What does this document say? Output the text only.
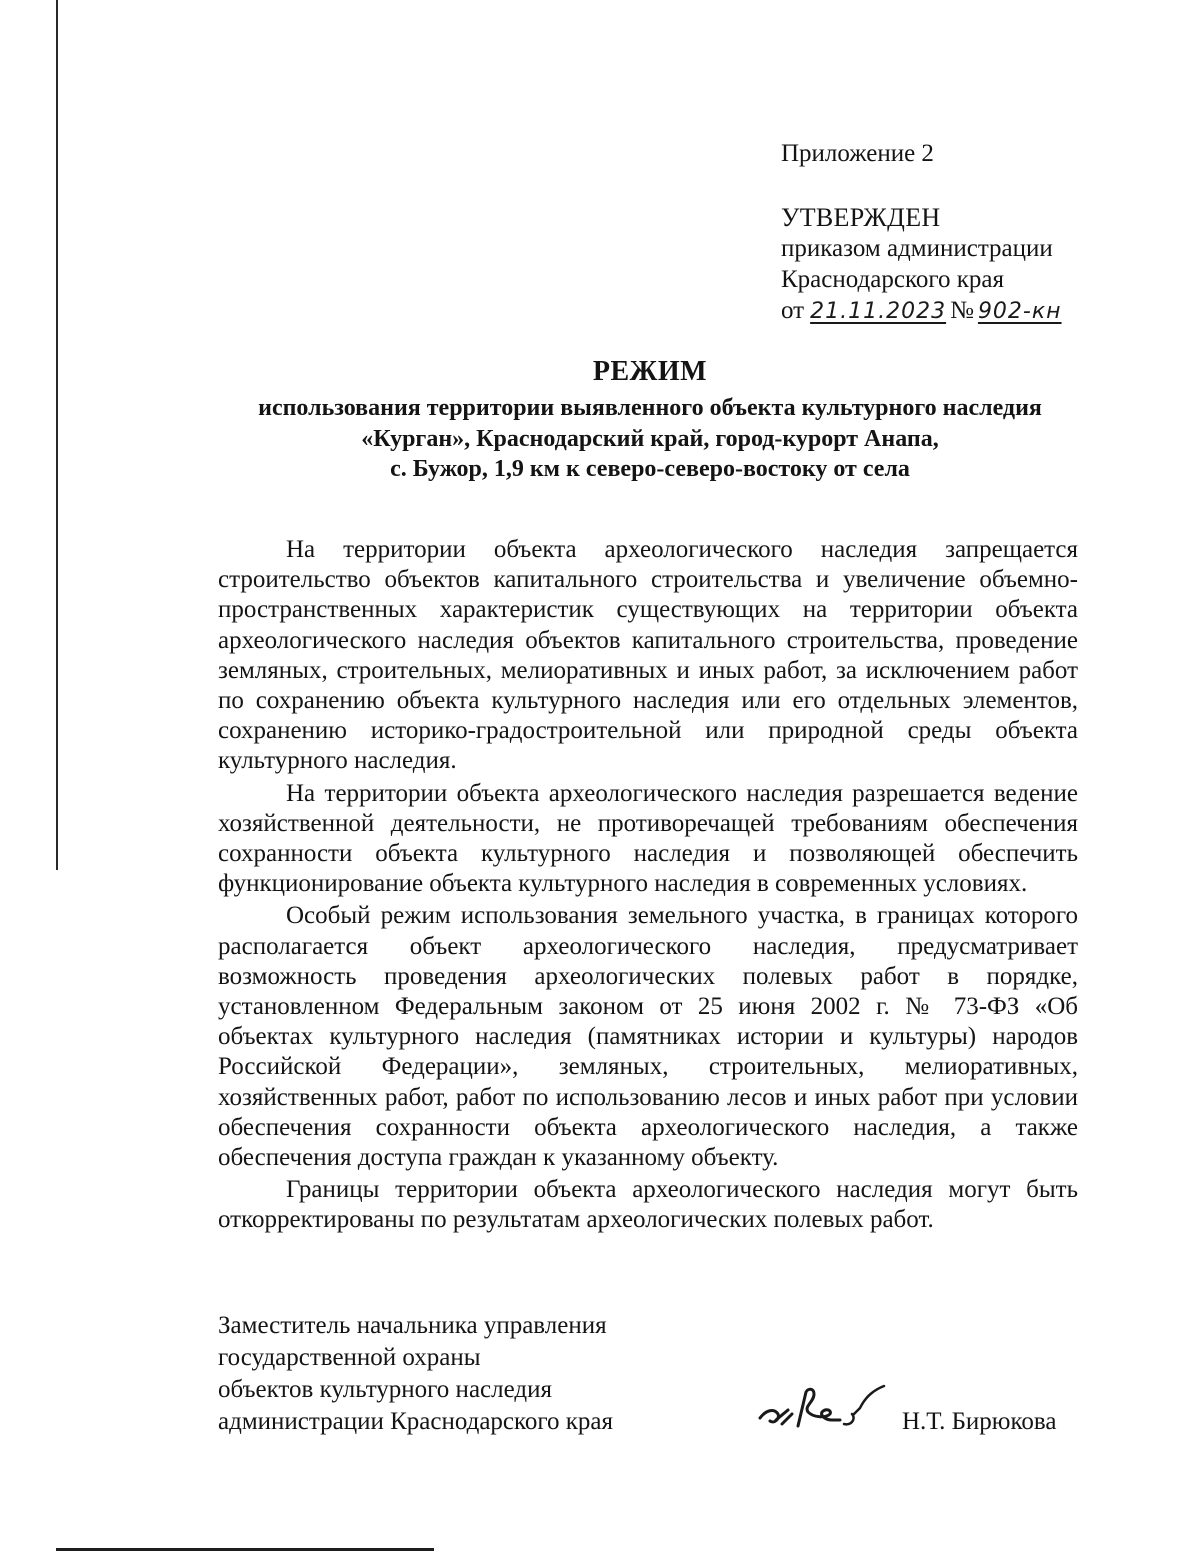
Приложение 2
УТВЕРЖДЕН
приказом администрации
Краснодарского края
от 21.11.2023 № 902-кн
РЕЖИМ
использования территории выявленного объекта культурного наследия
«Курган», Краснодарский край, город-курорт Анапа,
с. Бужор, 1,9 км к северо-северо-востоку от села

На территории объекта археологического наследия запрещается строительство объектов капитального строительства и увеличение объемно-пространственных характеристик существующих на территории объекта археологического наследия объектов капитального строительства, проведение земляных, строительных, мелиоративных и иных работ, за исключением работ по сохранению объекта культурного наследия или его отдельных элементов, сохранению историко-градостроительной или природной среды объекта культурного наследия.

На территории объекта археологического наследия разрешается ведение хозяйственной деятельности, не противоречащей требованиям обеспечения сохранности объекта культурного наследия и позволяющей обеспечить функционирование объекта культурного наследия в современных условиях.

Особый режим использования земельного участка, в границах которого располагается объект археологического наследия, предусматривает возможность проведения археологических полевых работ в порядке, установленном Федеральным законом от 25 июня 2002 г. № 73-ФЗ «Об объектах культурного наследия (памятниках истории и культуры) народов Российской Федерации», земляных, строительных, мелиоративных, хозяйственных работ, работ по использованию лесов и иных работ при условии обеспечения сохранности объекта археологического наследия, а также обеспечения доступа граждан к указанному объекту.

Границы территории объекта археологического наследия могут быть откорректированы по результатам археологических полевых работ.

Заместитель начальника управления
государственной охраны
объектов культурного наследия
администрации Краснодарского края	Н.Т. Бирюкова
